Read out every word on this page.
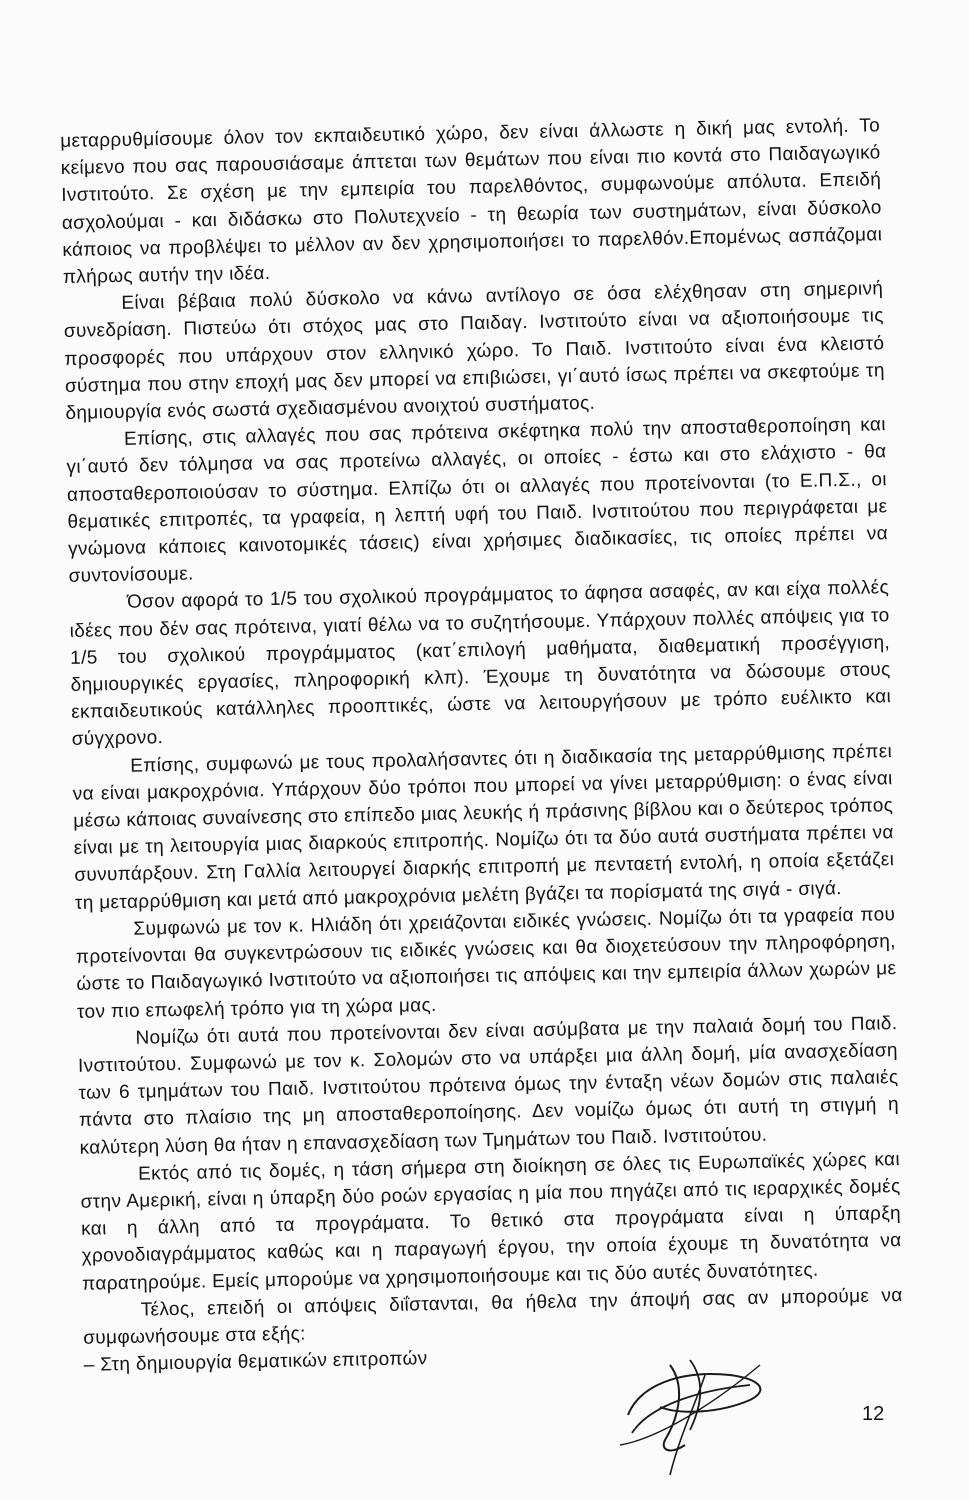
μεταρρυθμίσουμε όλον τον εκπαιδευτικό χώρο, δεν είναι άλλωστε η δική μας εντολή. Το κείμενο που σας παρουσιάσαμε άπτεται των θεμάτων που είναι πιο κοντά στο Παιδαγωγικό Ινστιτούτο. Σε σχέση με την εμπειρία του παρελθόντος, συμφωνούμε απόλυτα. Επειδή ασχολούμαι - και διδάσκω στο Πολυτεχνείο - τη θεωρία των συστημάτων, είναι δύσκολο κάποιος να προβλέψει το μέλλον αν δεν χρησιμοποιήσει το παρελθόν.Επομένως ασπάζομαι πλήρως αυτήν την ιδέα.

Είναι βέβαια πολύ δύσκολο να κάνω αντίλογο σε όσα ελέχθησαν στη σημερινή συνεδρίαση. Πιστεύω ότι στόχος μας στο Παιδαγ. Ινστιτούτο είναι να αξιοποιήσουμε τις προσφορές που υπάρχουν στον ελληνικό χώρο. Το Παιδ. Ινστιτούτο είναι ένα κλειστό σύστημα που στην εποχή μας δεν μπορεί να επιβιώσει, γι΄αυτό ίσως πρέπει να σκεφτούμε τη δημιουργία ενός σωστά σχεδιασμένου ανοιχτού συστήματος.

Επίσης, στις αλλαγές που σας πρότεινα σκέφτηκα πολύ την αποσταθεροποίηση και γι΄αυτό δεν τόλμησα να σας προτείνω αλλαγές, οι οποίες - έστω και στο ελάχιστο - θα αποσταθεροποιούσαν το σύστημα. Ελπίζω ότι οι αλλαγές που προτείνονται (το Ε.Π.Σ., οι θεματικές επιτροπές, τα γραφεία, η λεπτή υφή του Παιδ. Ινστιτούτου που περιγράφεται με γνώμονα κάποιες καινοτομικές τάσεις) είναι χρήσιμες διαδικασίες, τις οποίες πρέπει να συντονίσουμε.

Όσον αφορά το 1/5 του σχολικού προγράμματος το άφησα ασαφές, αν και είχα πολλές ιδέες που δέν σας πρότεινα, γιατί θέλω να το συζητήσουμε. Υπάρχουν πολλές απόψεις για το 1/5 του σχολικού προγράμματος (κατ΄επιλογή μαθήματα, διαθεματική προσέγγιση, δημιουργικές εργασίες, πληροφορική κλπ). Έχουμε τη δυνατότητα να δώσουμε στους εκπαιδευτικούς κατάλληλες προοπτικές, ώστε να λειτουργήσουν με τρόπο ευέλικτο και σύγχρονο.

Επίσης, συμφωνώ με τους προλαλήσαντες ότι η διαδικασία της μεταρρύθμισης πρέπει να είναι μακροχρόνια. Υπάρχουν δύο τρόποι που μπορεί να γίνει μεταρρύθμιση: ο ένας είναι μέσω κάποιας συναίνεσης στο επίπεδο μιας λευκής ή πράσινης βίβλου και ο δεύτερος τρόπος είναι με τη λειτουργία μιας διαρκούς επιτροπής. Νομίζω ότι τα δύο αυτά συστήματα πρέπει να συνυπάρξουν. Στη Γαλλία λειτουργεί διαρκής επιτροπή με πενταετή εντολή, η οποία εξετάζει τη μεταρρύθμιση και μετά από μακροχρόνια μελέτη βγάζει τα πορίσματά της σιγά - σιγά.

Συμφωνώ με τον κ. Ηλιάδη ότι χρειάζονται ειδικές γνώσεις. Νομίζω ότι τα γραφεία που προτείνονται θα συγκεντρώσουν τις ειδικές γνώσεις και θα διοχετεύσουν την πληροφόρηση, ώστε το Παιδαγωγικό Ινστιτούτο να αξιοποιήσει τις απόψεις και την εμπειρία άλλων χωρών με τον πιο επωφελή τρόπο για τη χώρα μας.

Νομίζω ότι αυτά που προτείνονται δεν είναι ασύμβατα με την παλαιά δομή του Παιδ. Ινστιτούτου. Συμφωνώ με τον κ. Σολομών στο να υπάρξει μια άλλη δομή, μία ανασχεδίαση των 6 τμημάτων του Παιδ. Ινστιτούτου πρότεινα όμως την ένταξη νέων δομών στις παλαιές πάντα στο πλαίσιο της μη αποσταθεροποίησης. Δεν νομίζω όμως ότι αυτή τη στιγμή η καλύτερη λύση θα ήταν η επανασχεδίαση των Τμημάτων του Παιδ. Ινστιτούτου.

Εκτός από τις δομές, η τάση σήμερα στη διοίκηση σε όλες τις Ευρωπαϊκές χώρες και στην Αμερική, είναι η ύπαρξη δύο ροών εργασίας η μία που πηγάζει από τις ιεραρχικές δομές και η άλλη από τα προγράματα. Το θετικό στα προγράματα είναι η ύπαρξη χρονοδιαγράμματος καθώς και η παραγωγή έργου, την οποία έχουμε τη δυνατότητα να παρατηρούμε. Εμείς μπορούμε να χρησιμοποιήσουμε και τις δύο αυτές δυνατότητες.

Τέλος, επειδή οι απόψεις διΐστανται, θα ήθελα την άποψή σας αν μπορούμε να συμφωνήσουμε στα εξής:

– Στη δημιουργία θεματικών επιτροπών

12
